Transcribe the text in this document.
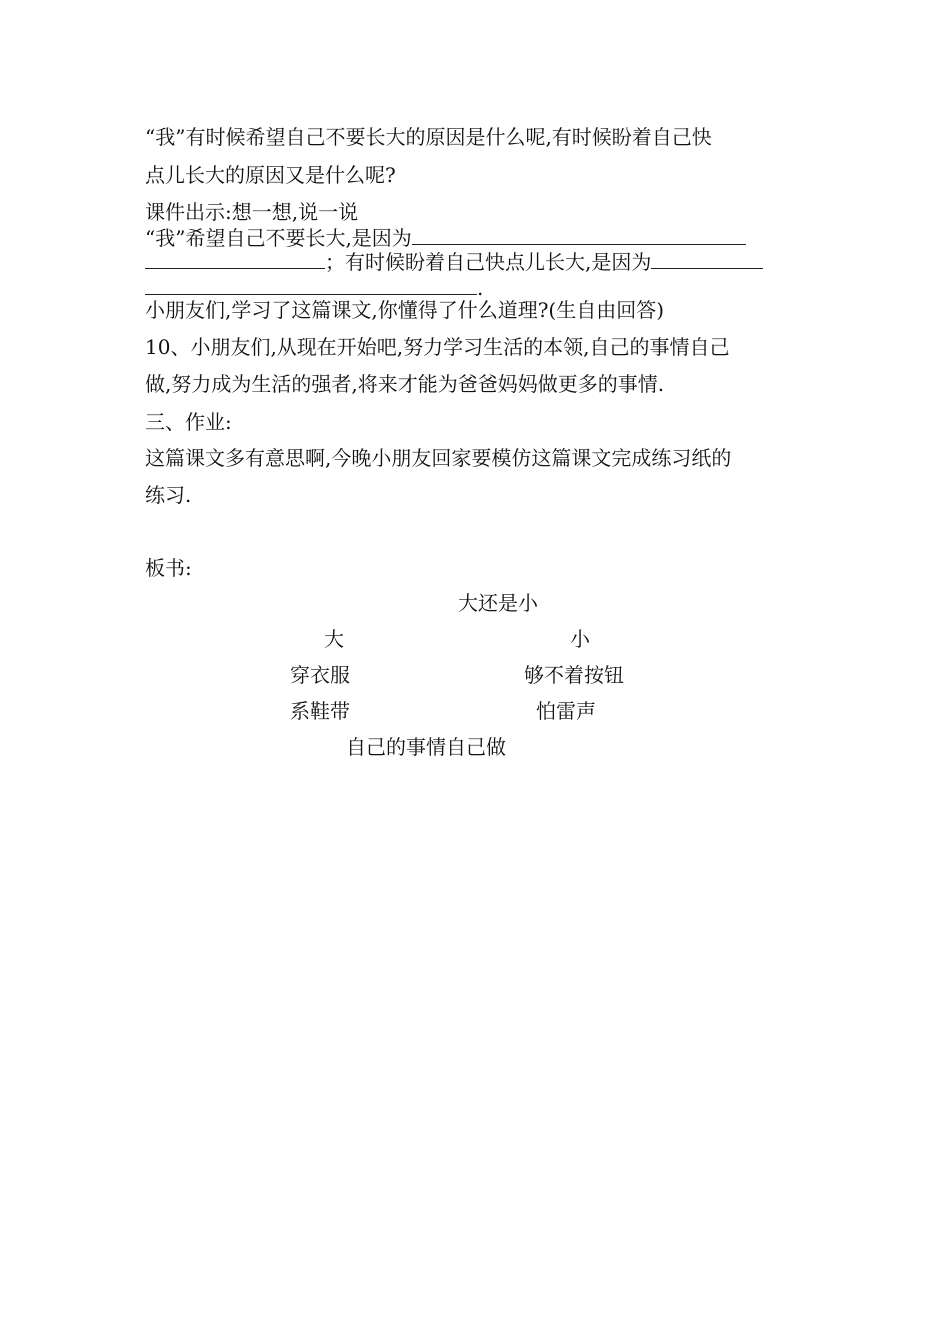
“我”有时候希望自己不要长大的原因是什么呢,有时候盼着自己快
点儿长大的原因又是什么呢?
课件出示:想一想,说一说
“我”希望自己不要长大,是因为
；有时候盼着自己快点儿长大,是因为
.
小朋友们,学习了这篇课文,你懂得了什么道理?(生自由回答)
10、小朋友们,从现在开始吧,努力学习生活的本领,自己的事情自己
做,努力成为生活的强者,将来才能为爸爸妈妈做更多的事情.
三、作业:
这篇课文多有意思啊,今晚小朋友回家要模仿这篇课文完成练习纸的
练习.
板书:
大还是小
大	小
穿衣服	够不着按钮
系鞋带	怕雷声
自己的事情自己做
